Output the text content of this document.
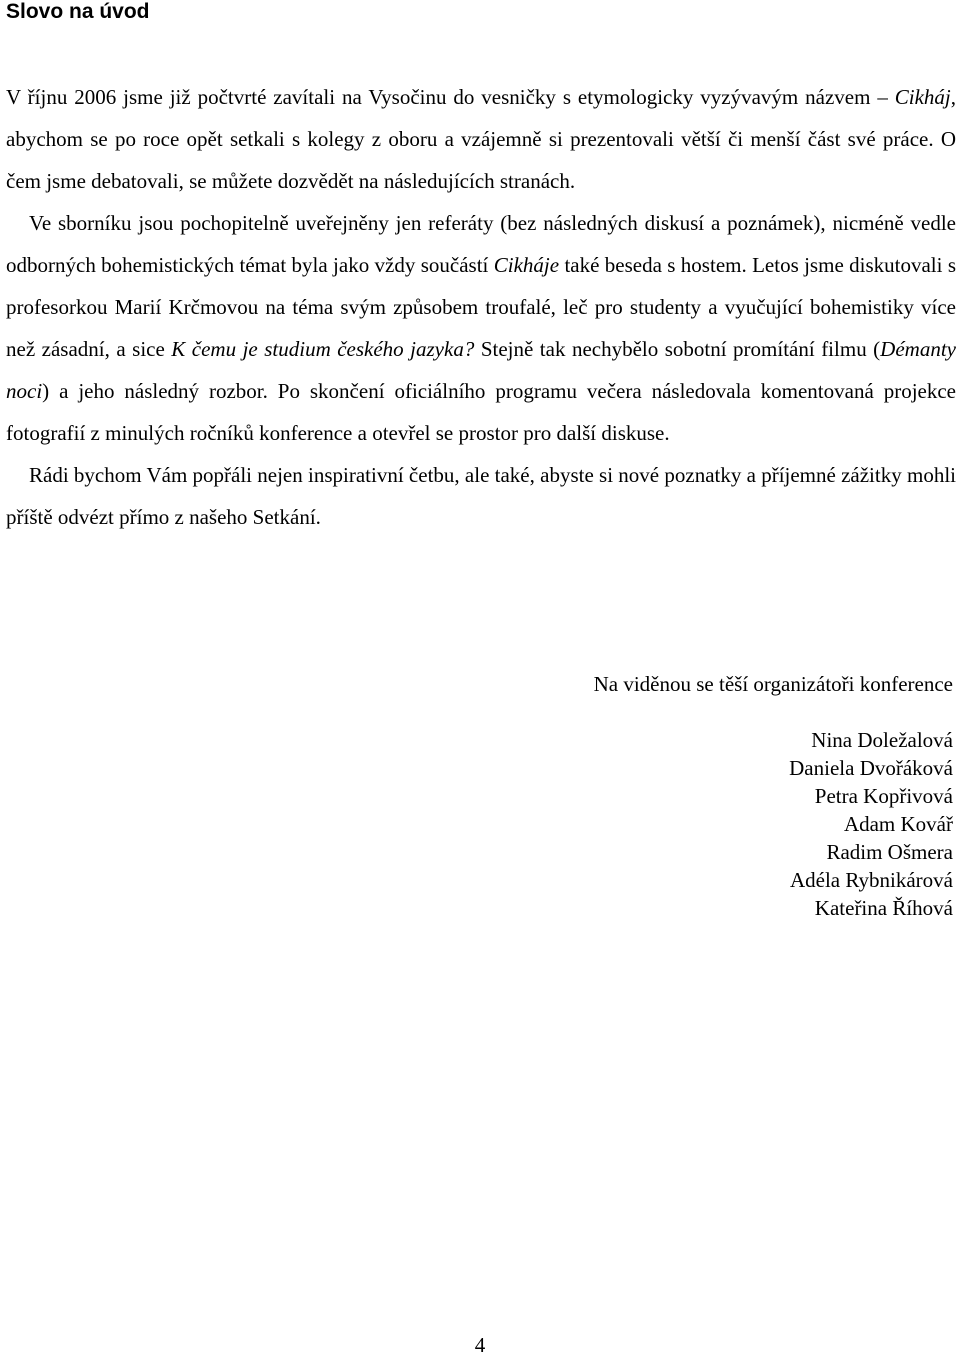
Slovo na úvod

V říjnu 2006 jsme již počtvrté zavítali na Vysočinu do vesničky s etymologicky vyzývavým názvem – Cikháj, abychom se po roce opět setkali s kolegy z oboru a vzájemně si prezentovali větší či menší část své práce. O čem jsme debatovali, se můžete dozvědět na následujících stranách.

Ve sborníku jsou pochopitelně uveřejněny jen referáty (bez následných diskusí a poznámek), nicméně vedle odborných bohemistických témat byla jako vždy součástí Cikháje také beseda s hostem. Letos jsme diskutovali s profesorkou Marií Krčmovou na téma svým způsobem troufalé, leč pro studenty a vyučující bohemistiky více než zásadní, a sice K čemu je studium českého jazyka? Stejně tak nechybělo sobotní promítání filmu (Démanty noci) a jeho následný rozbor. Po skončení oficiálního programu večera následovala komentovaná projekce fotografií z minulých ročníků konference a otevřel se prostor pro další diskuse.

Rádi bychom Vám popřáli nejen inspirativní četbu, ale také, abyste si nové poznatky a příjemné zážitky mohli příště odvézt přímo z našeho Setkání.

Na viděnou se těší organizátoři konference
Nina Doležalová
Daniela Dvořáková
Petra Kopřivová
Adam Kovář
Radim Ošmera
Adéla Rybnikárová
Kateřina Říhová
4
